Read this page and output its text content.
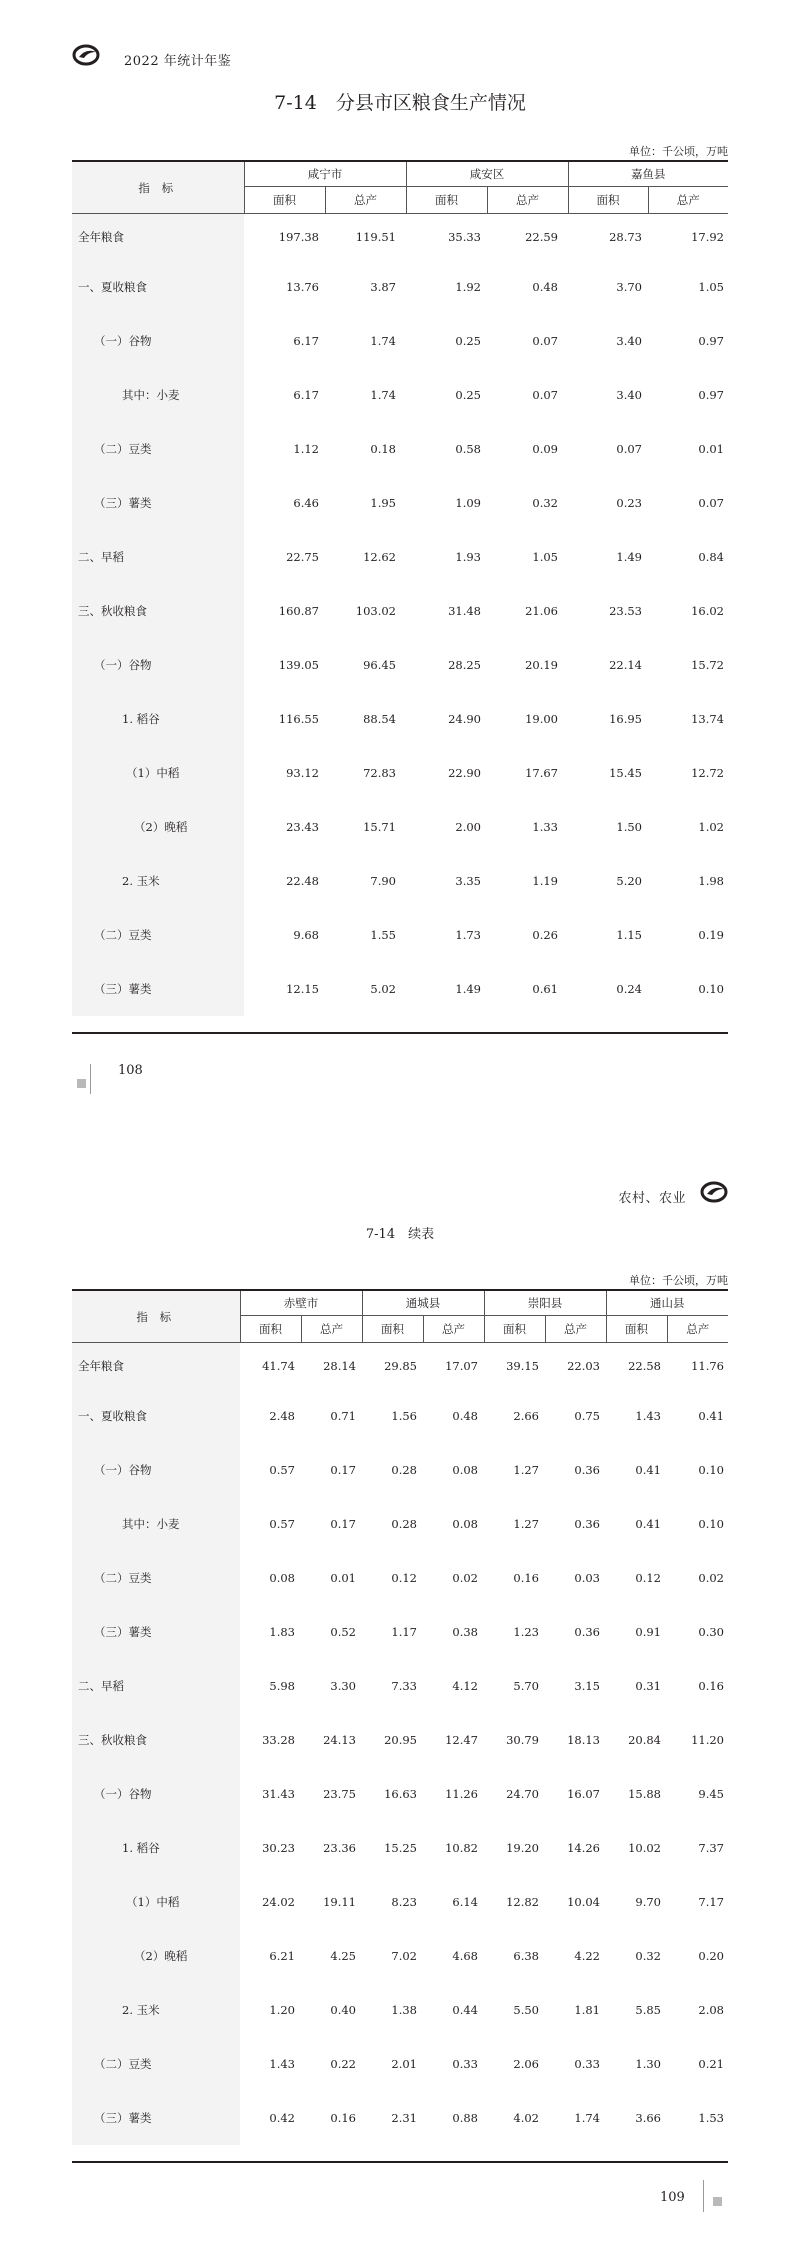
2022 年统计年鉴
7-14　分县市区粮食生产情况
单位：千公顷，万吨
指 标	咸宁市		咸安区		嘉鱼县	
	面积	总产	面积	总产	面积	总产
全年粮食	197.38	119.51	35.33	22.59	28.73	17.92
一、夏收粮食	13.76	3.87	1.92	0.48	3.70	1.05
（一）谷物	6.17	1.74	0.25	0.07	3.40	0.97
其中：小麦	6.17	1.74	0.25	0.07	3.40	0.97
（二）豆类	1.12	0.18	0.58	0.09	0.07	0.01
（三）薯类	6.46	1.95	1.09	0.32	0.23	0.07
二、早稻	22.75	12.62	1.93	1.05	1.49	0.84
三、秋收粮食	160.87	103.02	31.48	21.06	23.53	16.02
（一）谷物	139.05	96.45	28.25	20.19	22.14	15.72
1. 稻谷	116.55	88.54	24.90	19.00	16.95	13.74
（1）中稻	93.12	72.83	22.90	17.67	15.45	12.72
（2）晚稻	23.43	15.71	2.00	1.33	1.50	1.02
2. 玉米	22.48	7.90	3.35	1.19	5.20	1.98
（二）豆类	9.68	1.55	1.73	0.26	1.15	0.19
（三）薯类	12.15	5.02	1.49	0.61	0.24	0.10
108
农村、农业
7-14　续表
单位：千公顷，万吨
指 标	赤壁市		通城县		崇阳县		通山县	
	面积	总产	面积	总产	面积	总产	面积	总产
全年粮食	41.74	28.14	29.85	17.07	39.15	22.03	22.58	11.76
一、夏收粮食	2.48	0.71	1.56	0.48	2.66	0.75	1.43	0.41
（一）谷物	0.57	0.17	0.28	0.08	1.27	0.36	0.41	0.10
其中：小麦	0.57	0.17	0.28	0.08	1.27	0.36	0.41	0.10
（二）豆类	0.08	0.01	0.12	0.02	0.16	0.03	0.12	0.02
（三）薯类	1.83	0.52	1.17	0.38	1.23	0.36	0.91	0.30
二、早稻	5.98	3.30	7.33	4.12	5.70	3.15	0.31	0.16
三、秋收粮食	33.28	24.13	20.95	12.47	30.79	18.13	20.84	11.20
（一）谷物	31.43	23.75	16.63	11.26	24.70	16.07	15.88	9.45
1. 稻谷	30.23	23.36	15.25	10.82	19.20	14.26	10.02	7.37
（1）中稻	24.02	19.11	8.23	6.14	12.82	10.04	9.70	7.17
（2）晚稻	6.21	4.25	7.02	4.68	6.38	4.22	0.32	0.20
2. 玉米	1.20	0.40	1.38	0.44	5.50	1.81	5.85	2.08
（二）豆类	1.43	0.22	2.01	0.33	2.06	0.33	1.30	0.21
（三）薯类	0.42	0.16	2.31	0.88	4.02	1.74	3.66	1.53
109
